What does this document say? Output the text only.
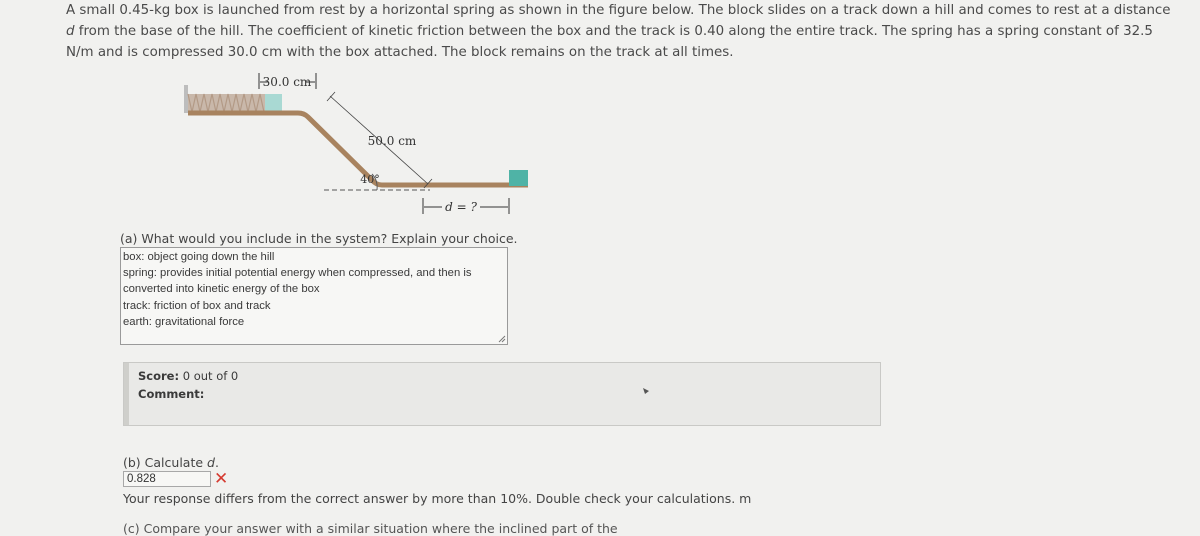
A small 0.45-kg box is launched from rest by a horizontal spring as shown in the figure below. The block slides on a track down a hill and comes to rest at a distance d from the base of the hill. The coefficient of kinetic friction between the box and the track is 0.40 along the entire track. The spring has a spring constant of 32.5 N/m and is compressed 30.0 cm with the box attached. The block remains on the track at all times.
30.0 cm
50.0 cm
40°
d = ?
(a) What would you include in the system? Explain your choice.
box: object going down the hill
spring: provides initial potential energy when compressed, and then is
converted into kinetic energy of the box
track: friction of box and track
earth: gravitational force
Score: 0 out of 0
Comment:
(b) Calculate d.
0.828	✕
Your response differs from the correct answer by more than 10%. Double check your calculations. m
(c) Compare your answer with a similar situation where the inclined part of the
